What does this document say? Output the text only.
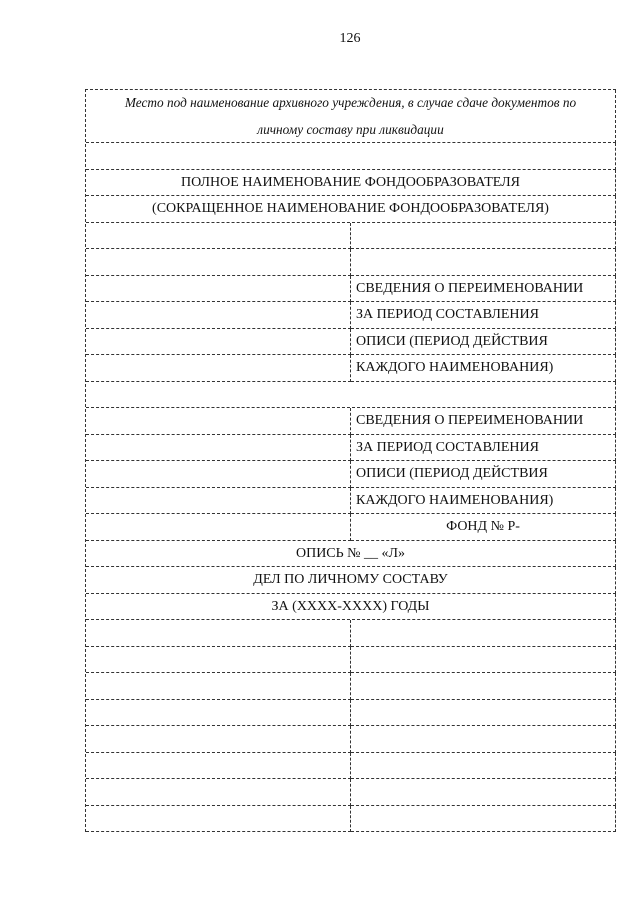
126
Место под наименование архивного учреждения, в случае сдаче документов по
личному составу при ликвидации
ПОЛНОЕ НАИМЕНОВАНИЕ ФОНДООБРАЗОВАТЕЛЯ
(СОКРАЩЕННОЕ НАИМЕНОВАНИЕ ФОНДООБРАЗОВАТЕЛЯ)
СВЕДЕНИЯ О ПЕРЕИМЕНОВАНИИ
ЗА ПЕРИОД СОСТАВЛЕНИЯ
ОПИСИ (ПЕРИОД ДЕЙСТВИЯ
КАЖДОГО НАИМЕНОВАНИЯ)
СВЕДЕНИЯ О ПЕРЕИМЕНОВАНИИ
ЗА ПЕРИОД СОСТАВЛЕНИЯ
ОПИСИ (ПЕРИОД ДЕЙСТВИЯ
КАЖДОГО НАИМЕНОВАНИЯ)
ФОНД № Р-
ОПИСЬ № __ «Л»
ДЕЛ ПО ЛИЧНОМУ СОСТАВУ
ЗА (ХХХХ-ХХХХ) ГОДЫ
